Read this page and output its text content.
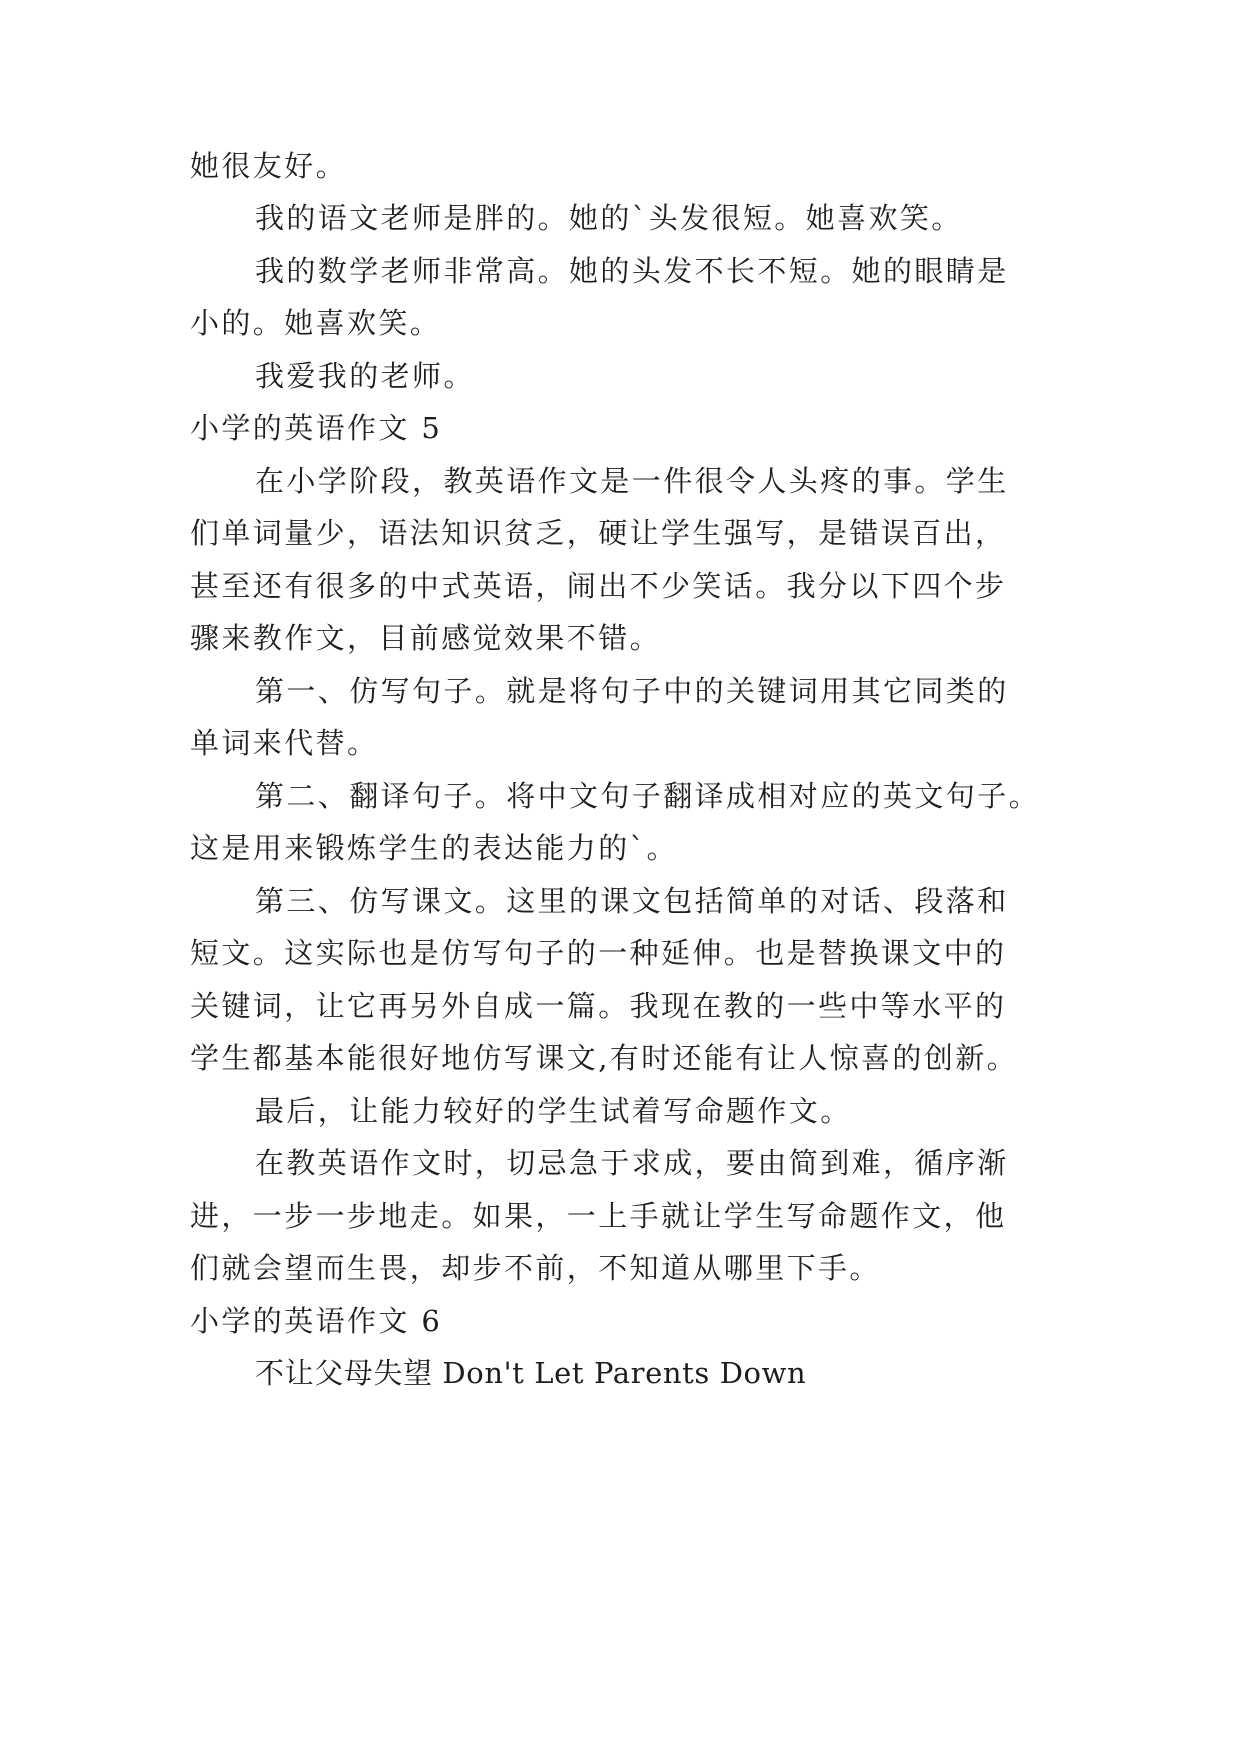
她很友好。
我的语文老师是胖的。她的`头发很短。她喜欢笑。
我的数学老师非常高。她的头发不长不短。她的眼睛是
小的。她喜欢笑。
我爱我的老师。
小学的英语作文 5
在小学阶段，教英语作文是一件很令人头疼的事。学生
们单词量少，语法知识贫乏，硬让学生强写，是错误百出，
甚至还有很多的中式英语，闹出不少笑话。我分以下四个步
骤来教作文，目前感觉效果不错。
第一、仿写句子。就是将句子中的关键词用其它同类的
单词来代替。
第二、翻译句子。将中文句子翻译成相对应的英文句子。
这是用来锻炼学生的表达能力的`。
第三、仿写课文。这里的课文包括简单的对话、段落和
短文。这实际也是仿写句子的一种延伸。也是替换课文中的
关键词，让它再另外自成一篇。我现在教的一些中等水平的
学生都基本能很好地仿写课文,有时还能有让人惊喜的创新。
最后，让能力较好的学生试着写命题作文。
在教英语作文时，切忌急于求成，要由简到难，循序渐
进，一步一步地走。如果，一上手就让学生写命题作文，他
们就会望而生畏，却步不前，不知道从哪里下手。
小学的英语作文 6
不让父母失望 Don't Let Parents Down
